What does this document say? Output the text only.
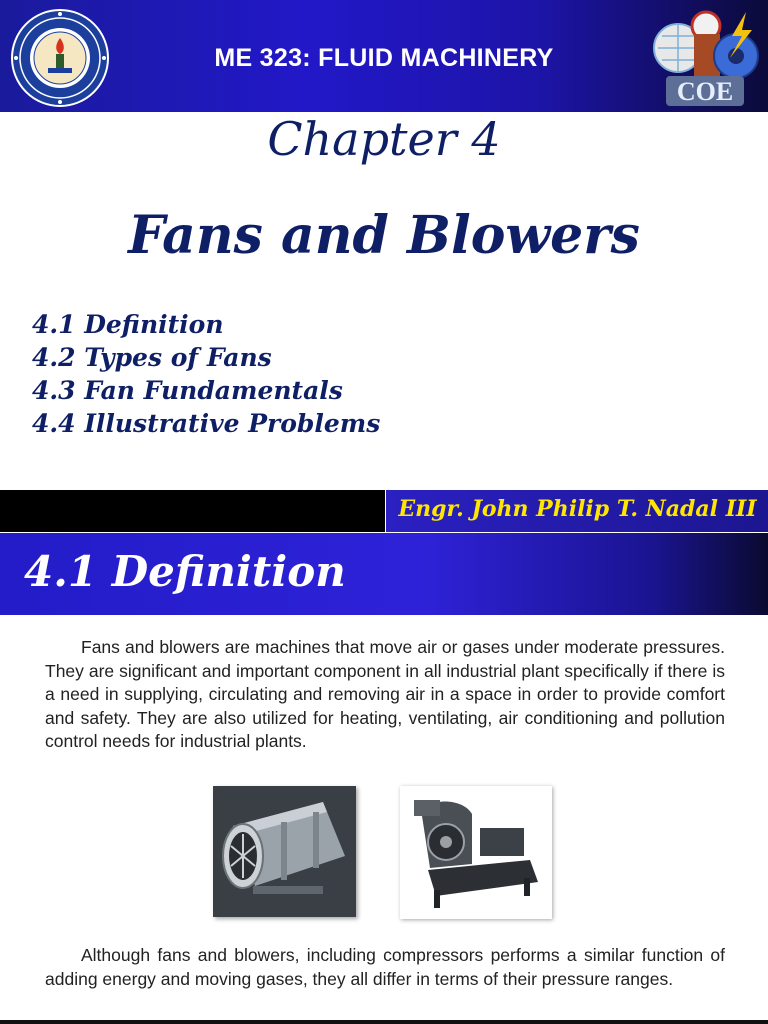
ME 323: FLUID MACHINERY
COE
Chapter 4
Fans and Blowers
4.1 Definition
4.2 Types of Fans
4.3 Fan Fundamentals
4.4 Illustrative Problems
Engr. John Philip T. Nadal III
4.1 Definition

Fans and blowers are machines that move air or gases under moderate pressures. They are significant and important component in all industrial plant specifically if there is a need in supplying, circulating and removing air in a space in order to provide comfort and safety. They are also utilized for heating, ventilating, air conditioning and pollution control needs for industrial plants.

Although fans and blowers, including compressors performs a similar function of adding energy and moving gases, they all differ in terms of their pressure ranges.
